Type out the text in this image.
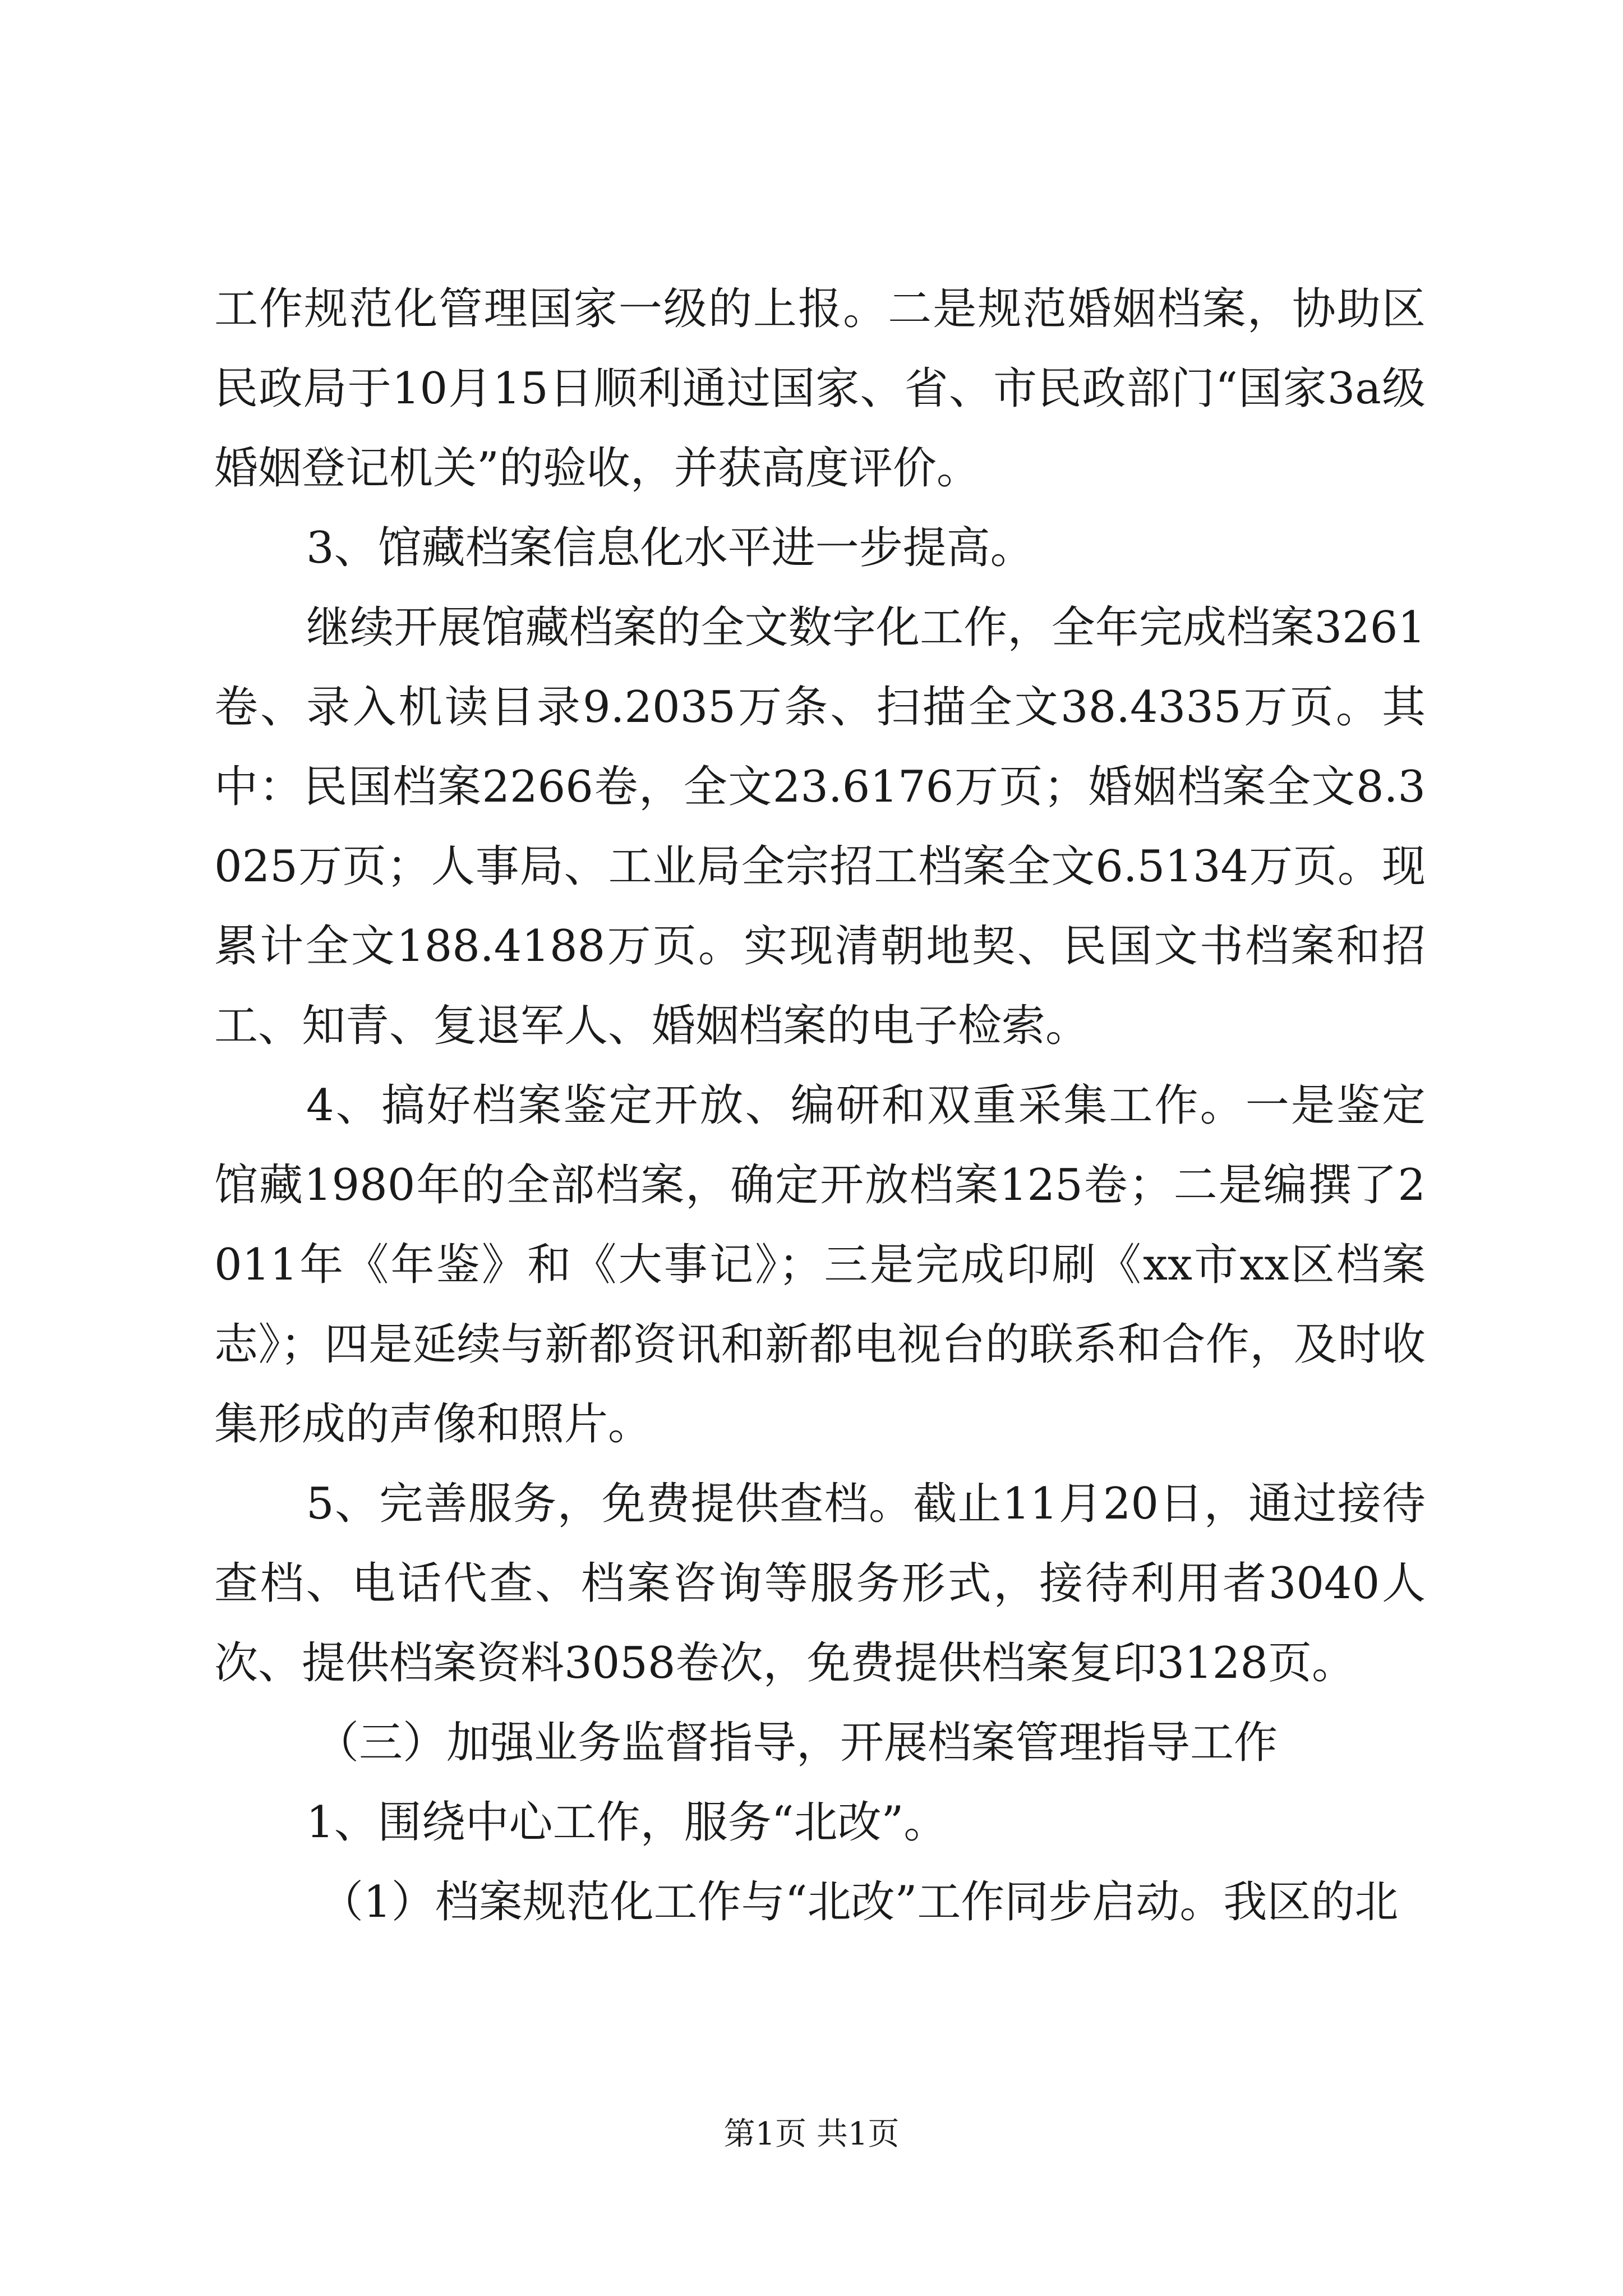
工作规范化管理国家一级的上报。二是规范婚姻档案，协助区民政局于10月15日顺利通过国家、省、市民政部门“国家3a级婚姻登记机关”的验收，并获高度评价。

3、馆藏档案信息化水平进一步提高。

继续开展馆藏档案的全文数字化工作，全年完成档案3261卷、录入机读目录9.2035万条、扫描全文38.4335万页。其中：民国档案2266卷，全文23.6176万页；婚姻档案全文8.3025万页；人事局、工业局全宗招工档案全文6.5134万页。现累计全文188.4188万页。实现清朝地契、民国文书档案和招工、知青、复退军人、婚姻档案的电子检索。

4、搞好档案鉴定开放、编研和双重采集工作。一是鉴定馆藏1980年的全部档案，确定开放档案125卷；二是编撰了2011年《年鉴》和《大事记》；三是完成印刷《xx市xx区档案志》；四是延续与新都资讯和新都电视台的联系和合作，及时收集形成的声像和照片。

5、完善服务，免费提供查档。截止11月20日，通过接待查档、电话代查、档案咨询等服务形式，接待利用者3040人次、提供档案资料3058卷次，免费提供档案复印3128页。

（三）加强业务监督指导，开展档案管理指导工作

1、围绕中心工作，服务“北改”。

（1）档案规范化工作与“北改”工作同步启动。我区的北

第1页 共1页
